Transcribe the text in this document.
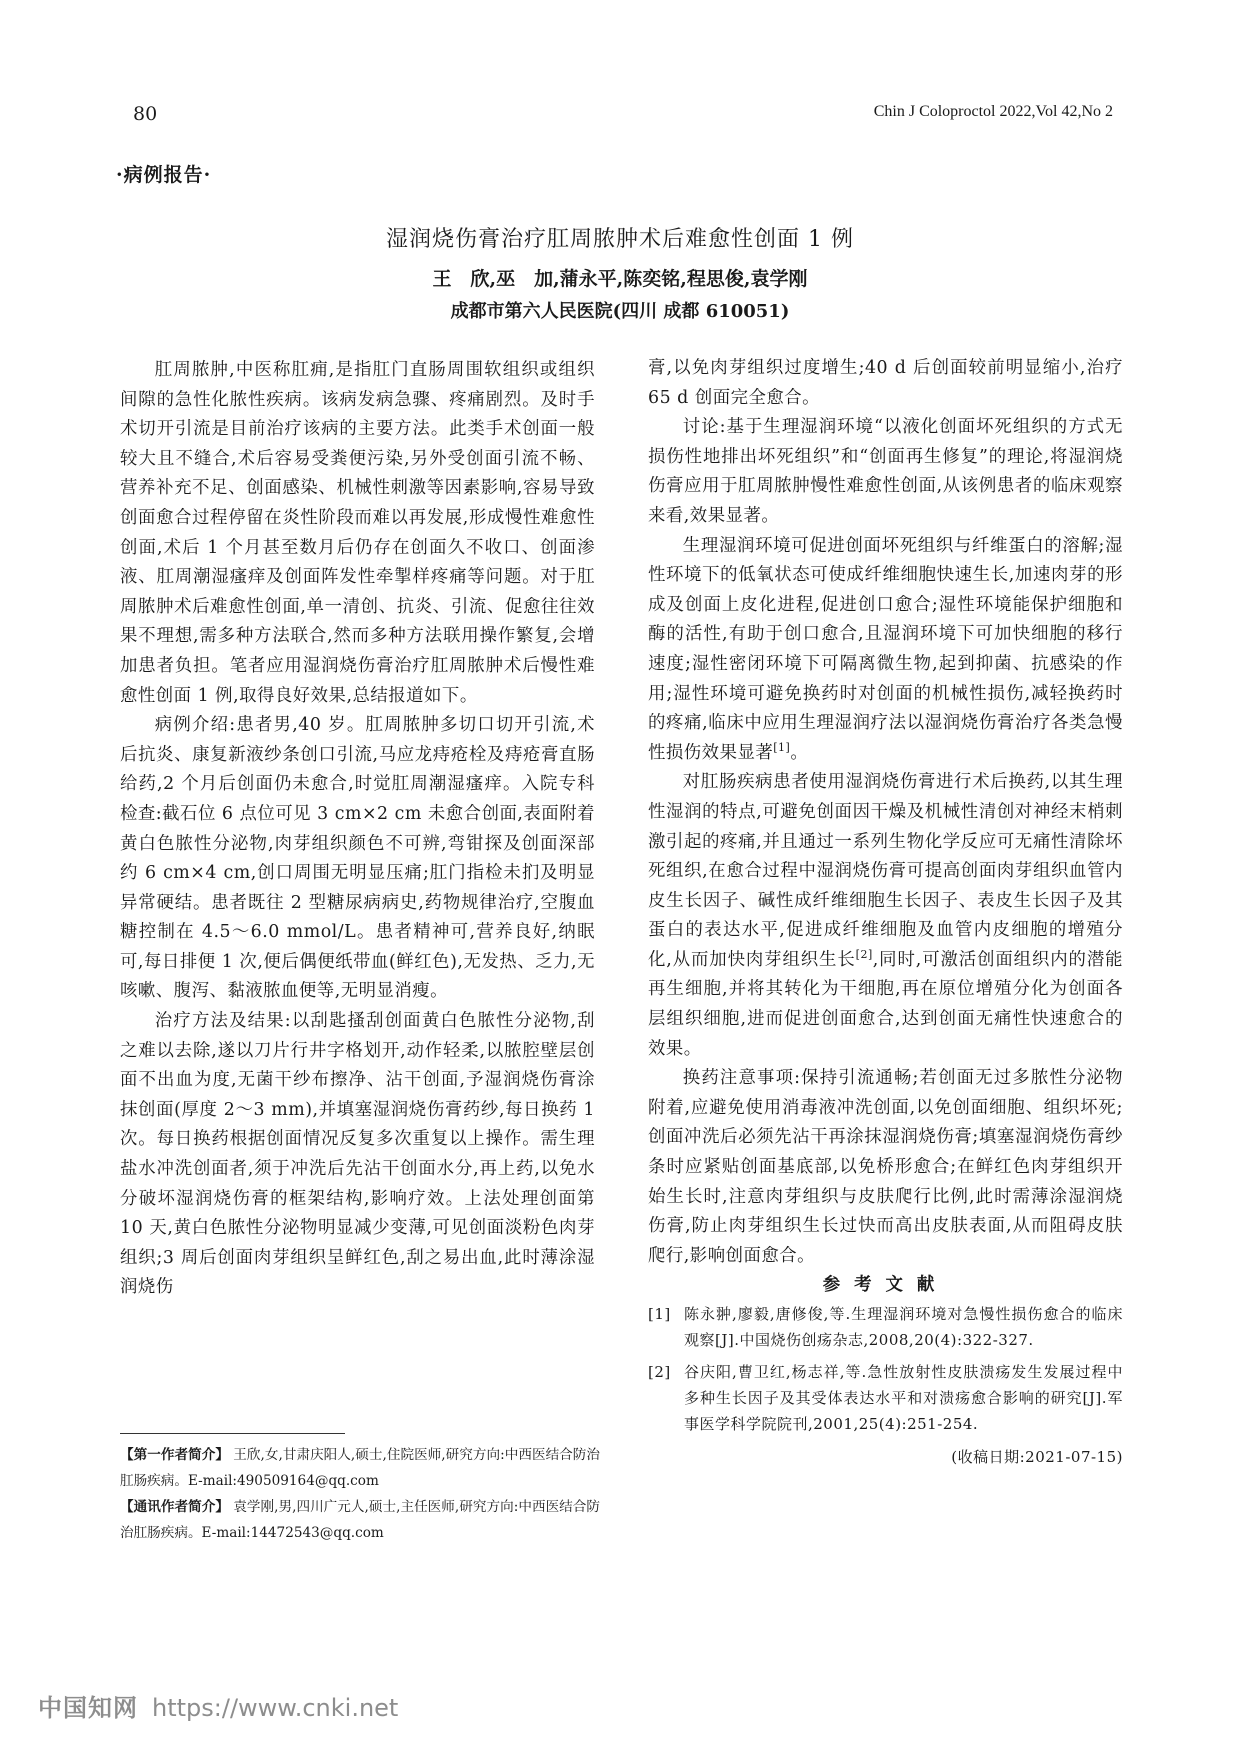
80	Chin J Coloproctol 2022,Vol 42,No 2
·病例报告·
湿润烧伤膏治疗肛周脓肿术后难愈性创面 1 例
王　欣,巫　加,蒲永平,陈奕铭,程思俊,袁学刚
成都市第六人民医院(四川 成都 610051)

肛周脓肿,中医称肛痈,是指肛门直肠周围软组织或组织间隙的急性化脓性疾病。该病发病急骤、疼痛剧烈。及时手术切开引流是目前治疗该病的主要方法。此类手术创面一般较大且不缝合,术后容易受粪便污染,另外受创面引流不畅、营养补充不足、创面感染、机械性刺激等因素影响,容易导致创面愈合过程停留在炎性阶段而难以再发展,形成慢性难愈性创面,术后 1 个月甚至数月后仍存在创面久不收口、创面渗液、肛周潮湿瘙痒及创面阵发性牵掣样疼痛等问题。对于肛周脓肿术后难愈性创面,单一清创、抗炎、引流、促愈往往效果不理想,需多种方法联合,然而多种方法联用操作繁复,会增加患者负担。笔者应用湿润烧伤膏治疗肛周脓肿术后慢性难愈性创面 1 例,取得良好效果,总结报道如下。

病例介绍:患者男,40 岁。肛周脓肿多切口切开引流,术后抗炎、康复新液纱条创口引流,马应龙痔疮栓及痔疮膏直肠给药,2 个月后创面仍未愈合,时觉肛周潮湿瘙痒。入院专科检查:截石位 6 点位可见 3 cm×2 cm 未愈合创面,表面附着黄白色脓性分泌物,肉芽组织颜色不可辨,弯钳探及创面深部约 6 cm×4 cm,创口周围无明显压痛;肛门指检未扪及明显异常硬结。患者既往 2 型糖尿病病史,药物规律治疗,空腹血糖控制在 4.5～6.0 mmol/L。患者精神可,营养良好,纳眠可,每日排便 1 次,便后偶便纸带血(鲜红色),无发热、乏力,无咳嗽、腹泻、黏液脓血便等,无明显消瘦。

治疗方法及结果:以刮匙搔刮创面黄白色脓性分泌物,刮之难以去除,遂以刀片行井字格划开,动作轻柔,以脓腔壁层创面不出血为度,无菌干纱布擦净、沾干创面,予湿润烧伤膏涂抹创面(厚度 2～3 mm),并填塞湿润烧伤膏药纱,每日换药 1 次。每日换药根据创面情况反复多次重复以上操作。需生理盐水冲洗创面者,须于冲洗后先沾干创面水分,再上药,以免水分破坏湿润烧伤膏的框架结构,影响疗效。上法处理创面第 10 天,黄白色脓性分泌物明显减少变薄,可见创面淡粉色肉芽组织;3 周后创面肉芽组织呈鲜红色,刮之易出血,此时薄涂湿润烧伤

膏,以免肉芽组织过度增生;40 d 后创面较前明显缩小,治疗 65 d 创面完全愈合。

讨论:基于生理湿润环境“以液化创面坏死组织的方式无损伤性地排出坏死组织”和“创面再生修复”的理论,将湿润烧伤膏应用于肛周脓肿慢性难愈性创面,从该例患者的临床观察来看,效果显著。

生理湿润环境可促进创面坏死组织与纤维蛋白的溶解;湿性环境下的低氧状态可使成纤维细胞快速生长,加速肉芽的形成及创面上皮化进程,促进创口愈合;湿性环境能保护细胞和酶的活性,有助于创口愈合,且湿润环境下可加快细胞的移行速度;湿性密闭环境下可隔离微生物,起到抑菌、抗感染的作用;湿性环境可避免换药时对创面的机械性损伤,减轻换药时的疼痛,临床中应用生理湿润疗法以湿润烧伤膏治疗各类急慢性损伤效果显著[1]。

对肛肠疾病患者使用湿润烧伤膏进行术后换药,以其生理性湿润的特点,可避免创面因干燥及机械性清创对神经末梢刺激引起的疼痛,并且通过一系列生物化学反应可无痛性清除坏死组织,在愈合过程中湿润烧伤膏可提高创面肉芽组织血管内皮生长因子、碱性成纤维细胞生长因子、表皮生长因子及其蛋白的表达水平,促进成纤维细胞及血管内皮细胞的增殖分化,从而加快肉芽组织生长[2],同时,可激活创面组织内的潜能再生细胞,并将其转化为干细胞,再在原位增殖分化为创面各层组织细胞,进而促进创面愈合,达到创面无痛性快速愈合的效果。

换药注意事项:保持引流通畅;若创面无过多脓性分泌物附着,应避免使用消毒液冲洗创面,以免创面细胞、组织坏死;创面冲洗后必须先沾干再涂抹湿润烧伤膏;填塞湿润烧伤膏纱条时应紧贴创面基底部,以免桥形愈合;在鲜红色肉芽组织开始生长时,注意肉芽组织与皮肤爬行比例,此时需薄涂湿润烧伤膏,防止肉芽组织生长过快而高出皮肤表面,从而阻碍皮肤爬行,影响创面愈合。

参考文献

[1] 陈永翀,廖毅,唐修俊,等.生理湿润环境对急慢性损伤愈合的临床观察[J].中国烧伤创疡杂志,2008,20(4):322-327.
[2] 谷庆阳,曹卫红,杨志祥,等.急性放射性皮肤溃疡发生发展过程中多种生长因子及其受体表达水平和对溃疡愈合影响的研究[J].军事医学科学院院刊,2001,25(4):251-254.
(收稿日期:2021-07-15)
【第一作者简介】 王欣,女,甘肃庆阳人,硕士,住院医师,研究方向:中西医结合防治肛肠疾病。E-mail:490509164@qq.com
【通讯作者简介】 袁学刚,男,四川广元人,硕士,主任医师,研究方向:中西医结合防治肛肠疾病。E-mail:14472543@qq.com
中国知网 https://www.cnki.net
